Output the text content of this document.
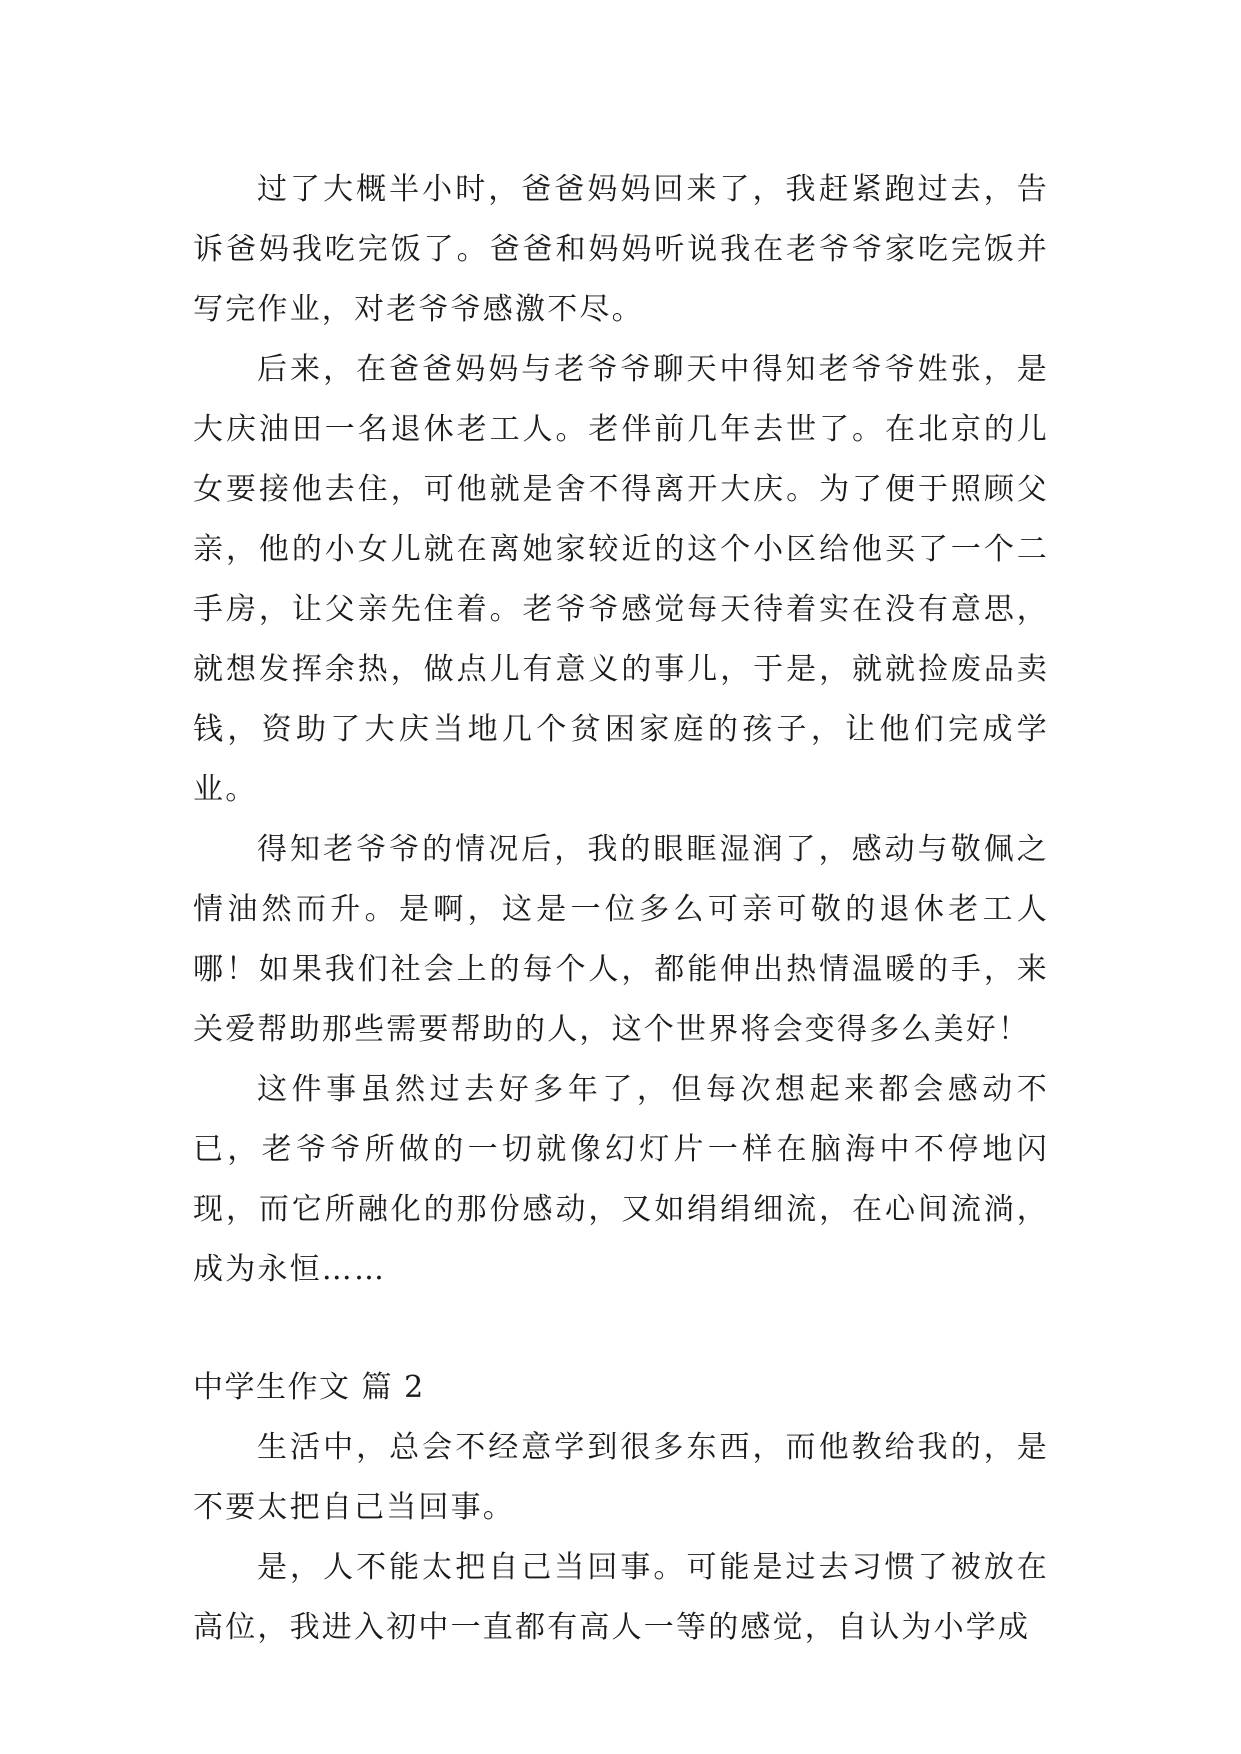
过了大概半小时，爸爸妈妈回来了，我赶紧跑过去，告诉爸妈我吃完饭了。爸爸和妈妈听说我在老爷爷家吃完饭并写完作业，对老爷爷感激不尽。

后来，在爸爸妈妈与老爷爷聊天中得知老爷爷姓张，是大庆油田一名退休老工人。老伴前几年去世了。在北京的儿女要接他去住，可他就是舍不得离开大庆。为了便于照顾父亲，他的小女儿就在离她家较近的这个小区给他买了一个二手房，让父亲先住着。老爷爷感觉每天待着实在没有意思，就想发挥余热，做点儿有意义的事儿，于是，就就捡废品卖钱，资助了大庆当地几个贫困家庭的孩子，让他们完成学业。

得知老爷爷的情况后，我的眼眶湿润了，感动与敬佩之情油然而升。是啊，这是一位多么可亲可敬的退休老工人哪！如果我们社会上的每个人，都能伸出热情温暖的手，来关爱帮助那些需要帮助的人，这个世界将会变得多么美好！

这件事虽然过去好多年了，但每次想起来都会感动不已，老爷爷所做的一切就像幻灯片一样在脑海中不停地闪现，而它所融化的那份感动，又如绢绢细流，在心间流淌，成为永恒……

中学生作文 篇 2

生活中，总会不经意学到很多东西，而他教给我的，是不要太把自己当回事。

是，人不能太把自己当回事。可能是过去习惯了被放在高位，我进入初中一直都有高人一等的感觉，自认为小学成
